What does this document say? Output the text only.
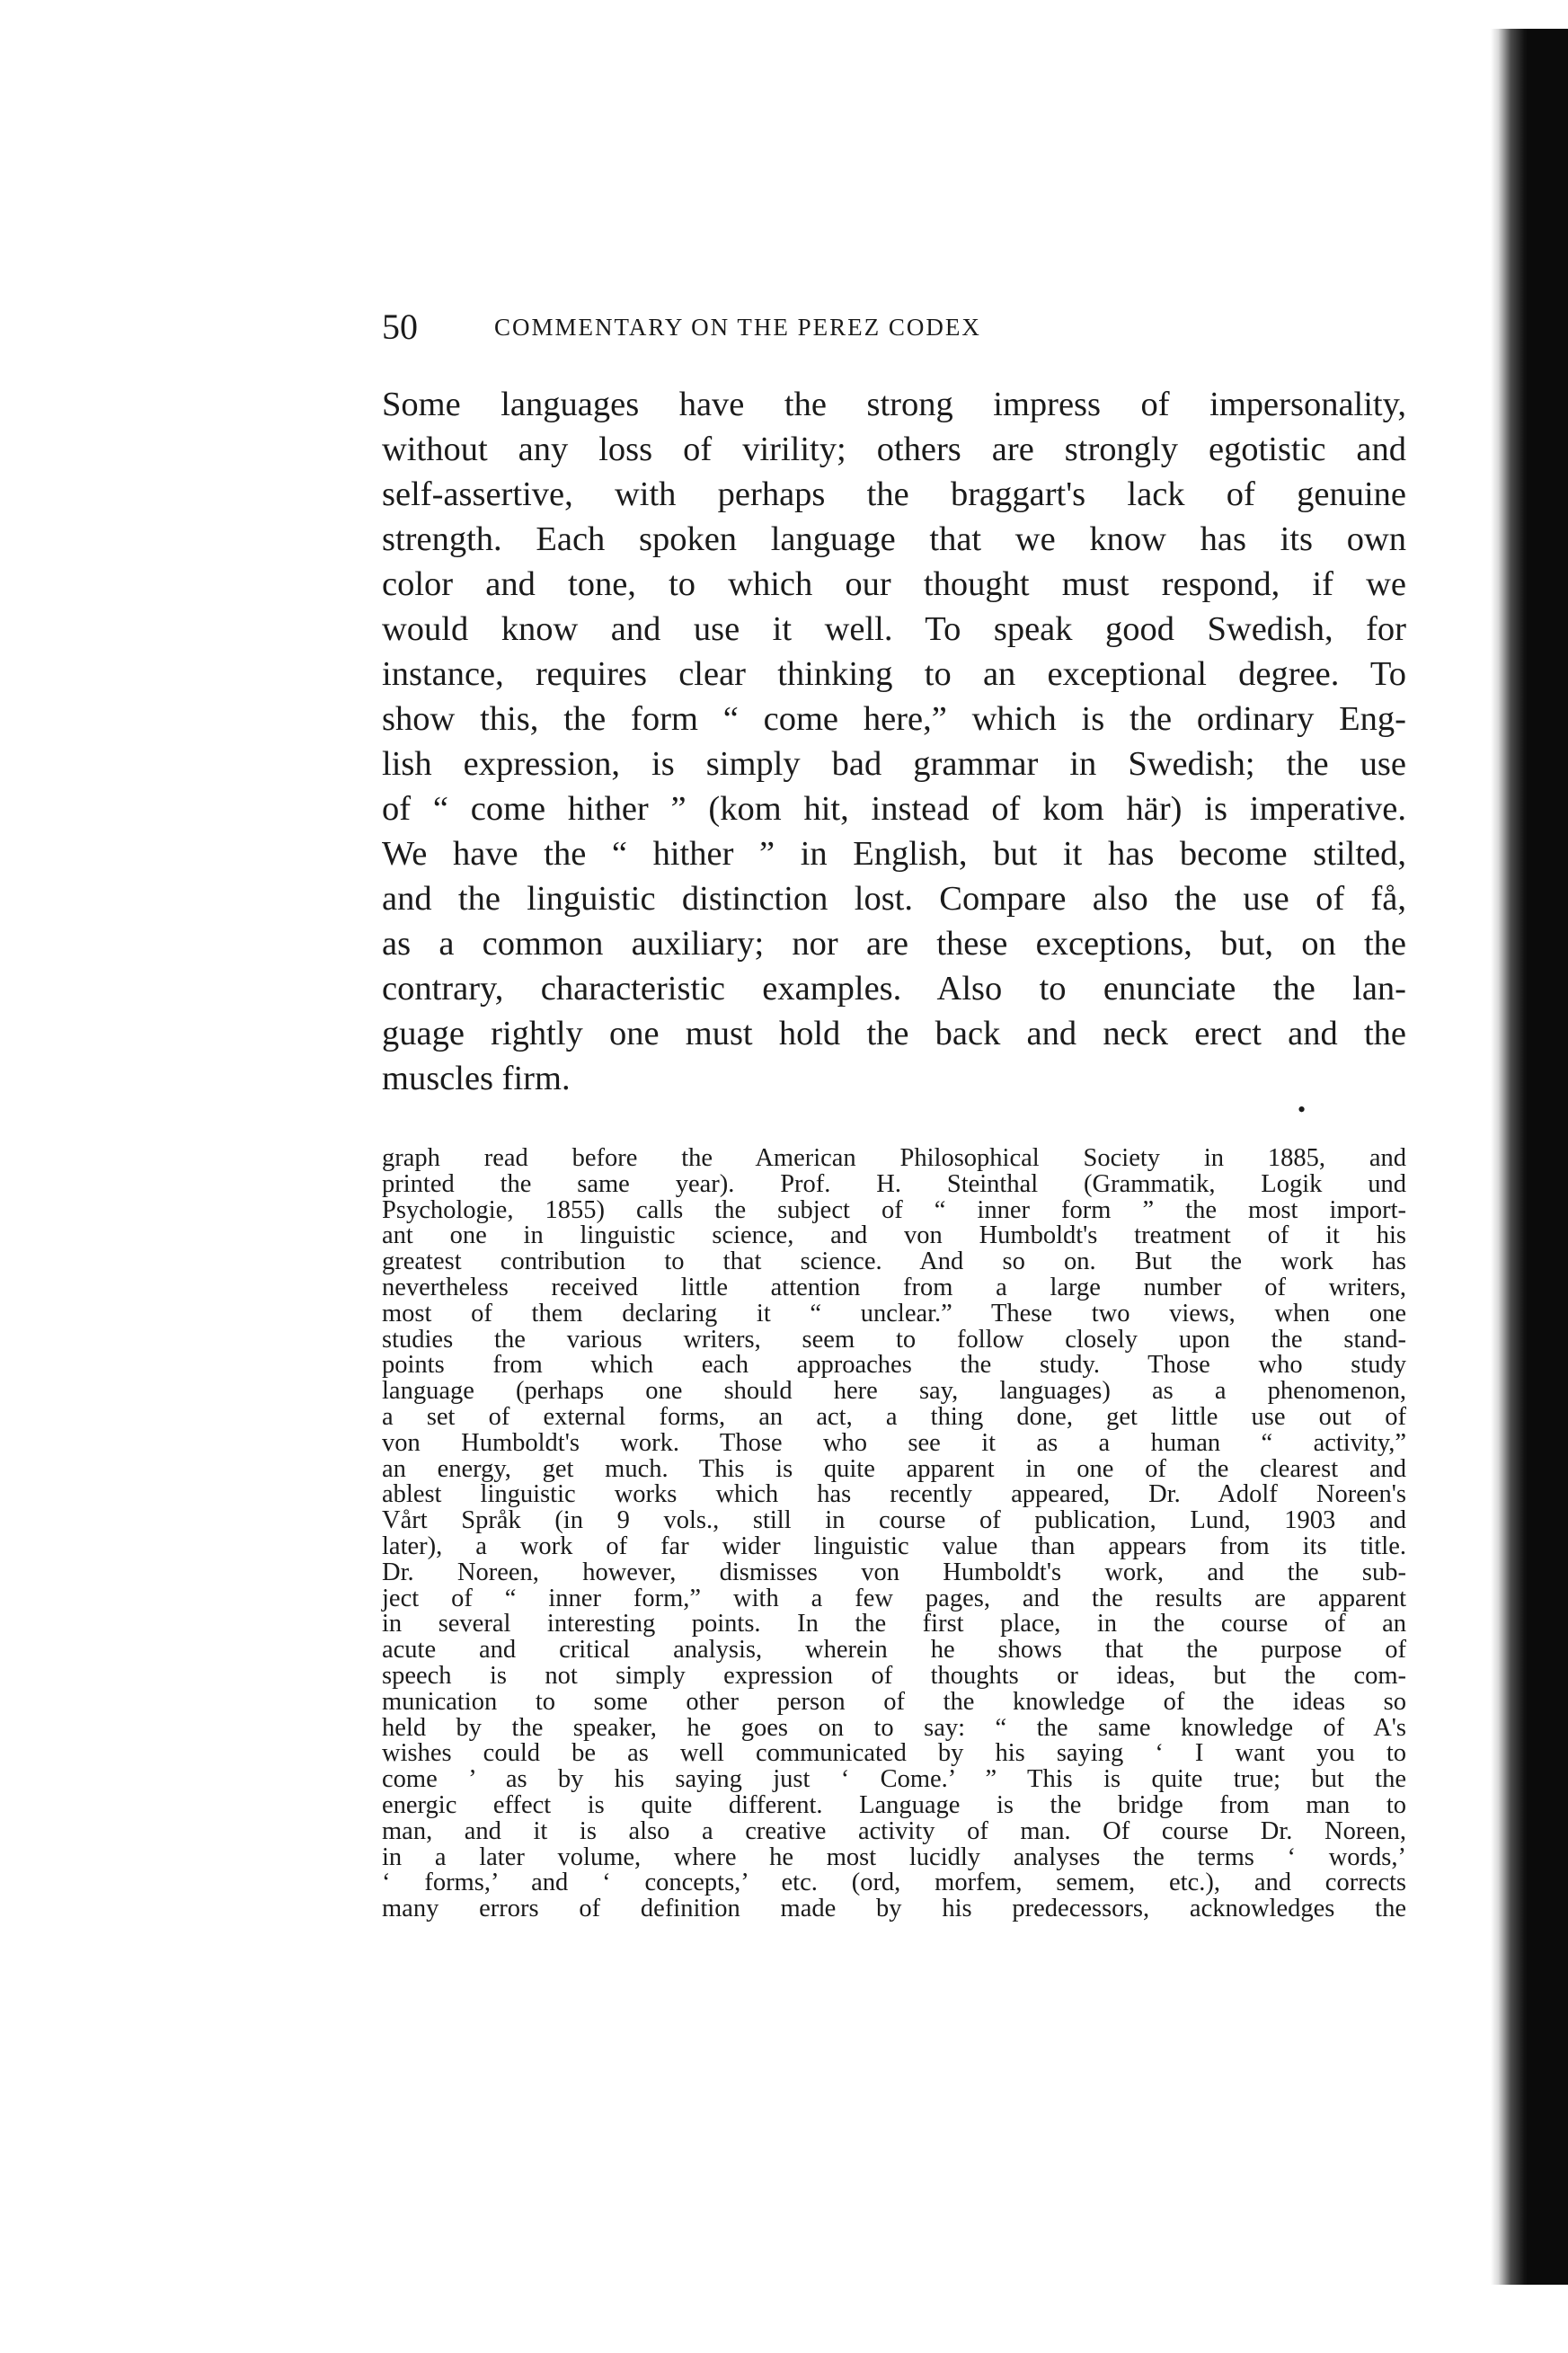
50	COMMENTARY ON THE PEREZ CODEX
Some languages have the strong impress of impersonality,
without any loss of virility; others are strongly egotistic and
self-assertive, with perhaps the braggart's lack of genuine
strength. Each spoken language that we know has its own
color and tone, to which our thought must respond, if we
would know and use it well. To speak good Swedish, for
instance, requires clear thinking to an exceptional degree. To
show this, the form “ come here,” which is the ordinary Eng-
lish expression, is simply bad grammar in Swedish; the use
of “ come hither ” (kom hit, instead of kom här) is imperative.
We have the “ hither ” in English, but it has become stilted,
and the linguistic distinction lost. Compare also the use of få,
as a common auxiliary; nor are these exceptions, but, on the
contrary, characteristic examples. Also to enunciate the lan-
guage rightly one must hold the back and neck erect and the
muscles firm.
•
graph read before the American Philosophical Society in 1885, and
printed the same year). Prof. H. Steinthal (Grammatik, Logik und
Psychologie, 1855) calls the subject of “ inner form ” the most import-
ant one in linguistic science, and von Humboldt's treatment of it his
greatest contribution to that science. And so on. But the work has
nevertheless received little attention from a large number of writers,
most of them declaring it “ unclear.” These two views, when one
studies the various writers, seem to follow closely upon the stand-
points from which each approaches the study. Those who study
language (perhaps one should here say, languages) as a phenomenon,
a set of external forms, an act, a thing done, get little use out of
von Humboldt's work. Those who see it as a human “ activity,”
an energy, get much. This is quite apparent in one of the clearest and
ablest linguistic works which has recently appeared, Dr. Adolf Noreen's
Vårt Språk (in 9 vols., still in course of publication, Lund, 1903 and
later), a work of far wider linguistic value than appears from its title.
Dr. Noreen, however, dismisses von Humboldt's work, and the sub-
ject of “ inner form,” with a few pages, and the results are apparent
in several interesting points. In the first place, in the course of an
acute and critical analysis, wherein he shows that the purpose of
speech is not simply expression of thoughts or ideas, but the com-
munication to some other person of the knowledge of the ideas so
held by the speaker, he goes on to say: “ the same knowledge of A's
wishes could be as well communicated by his saying ‘ I want you to
come ’ as by his saying just ‘ Come.’ ” This is quite true; but the
energic effect is quite different. Language is the bridge from man to
man, and it is also a creative activity of man. Of course Dr. Noreen,
in a later volume, where he most lucidly analyses the terms ‘ words,’
‘ forms,’ and ‘ concepts,’ etc. (ord, morfem, semem, etc.), and corrects
many errors of definition made by his predecessors, acknowledges the
